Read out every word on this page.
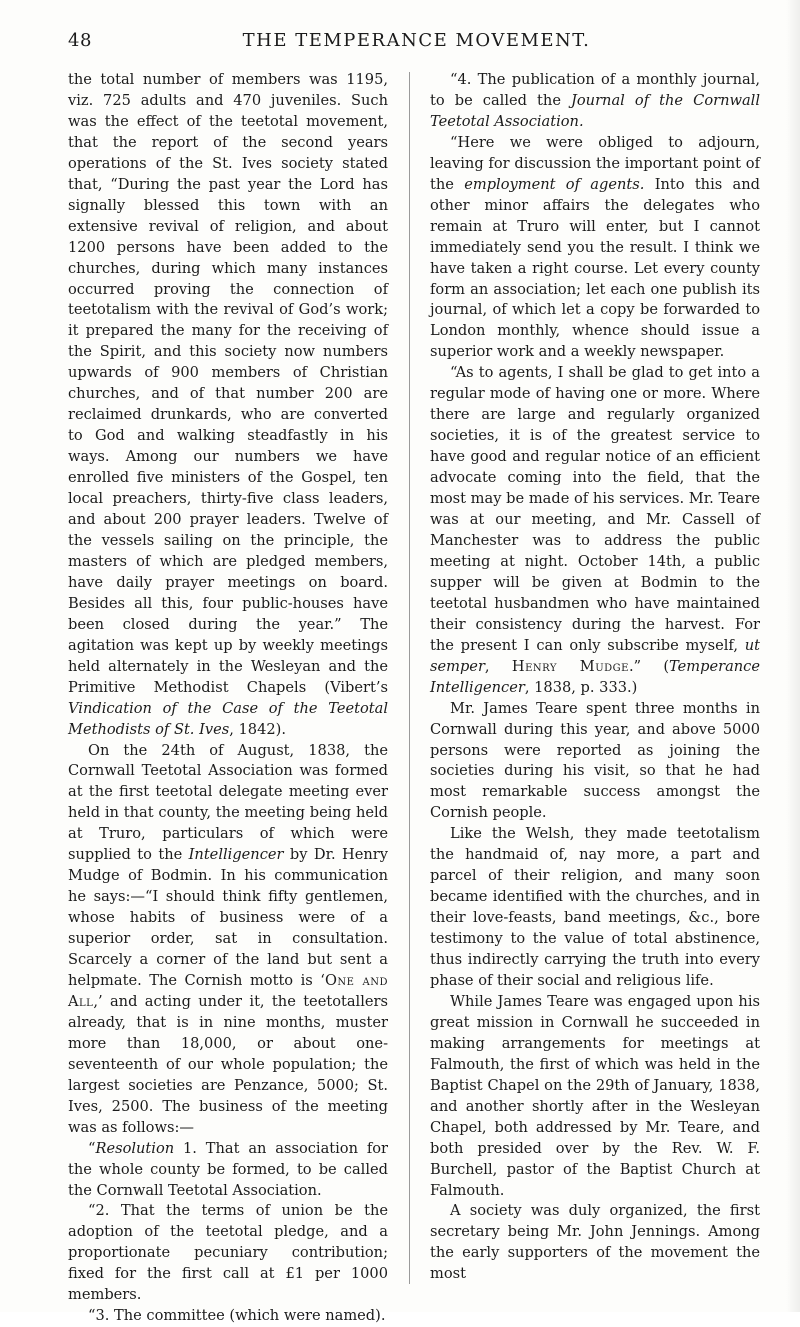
48	THE TEMPERANCE MOVEMENT.

the total number of members was 1195, viz. 725 adults and 470 juveniles. Such was the effect of the teetotal movement, that the report of the second years operations of the St. Ives society stated that, “During the past year the Lord has signally blessed this town with an extensive revival of religion, and about 1200 persons have been added to the churches, during which many instances occurred proving the connection of teetotalism with the revival of God’s work; it prepared the many for the receiving of the Spirit, and this society now numbers upwards of 900 members of Christian churches, and of that number 200 are reclaimed drunkards, who are converted to God and walking steadfastly in his ways. Among our numbers we have enrolled five ministers of the Gospel, ten local preachers, thirty-five class leaders, and about 200 prayer leaders. Twelve of the vessels sailing on the principle, the masters of which are pledged members, have daily prayer meetings on board. Besides all this, four public-houses have been closed during the year.” The agitation was kept up by weekly meetings held alternately in the Wesleyan and the Primitive Methodist Chapels (Vibert’s Vindication of the Case of the Teetotal Methodists of St. Ives, 1842).

On the 24th of August, 1838, the Cornwall Teetotal Association was formed at the first teetotal delegate meeting ever held in that county, the meeting being held at Truro, particulars of which were supplied to the Intelligencer by Dr. Henry Mudge of Bodmin. In his communication he says:—“I should think fifty gentlemen, whose habits of business were of a superior order, sat in consultation. Scarcely a corner of the land but sent a helpmate. The Cornish motto is ‘One and All,’ and acting under it, the teetotallers already, that is in nine months, muster more than 18,000, or about one-seventeenth of our whole population; the largest societies are Penzance, 5000; St. Ives, 2500. The business of the meeting was as follows:—

“Resolution 1. That an association for the whole county be formed, to be called the Cornwall Teetotal Association.

“2. That the terms of union be the adoption of the teetotal pledge, and a proportionate pecuniary contribution; fixed for the first call at £1 per 1000 members.

“3. The committee (which were named).

“4. The publication of a monthly journal, to be called the Journal of the Cornwall Teetotal Association.

“Here we were obliged to adjourn, leaving for discussion the important point of the employment of agents. Into this and other minor affairs the delegates who remain at Truro will enter, but I cannot immediately send you the result. I think we have taken a right course. Let every county form an association; let each one publish its journal, of which let a copy be forwarded to London monthly, whence should issue a superior work and a weekly newspaper.

“As to agents, I shall be glad to get into a regular mode of having one or more. Where there are large and regularly organized societies, it is of the greatest service to have good and regular notice of an efficient advocate coming into the field, that the most may be made of his services. Mr. Teare was at our meeting, and Mr. Cassell of Manchester was to address the public meeting at night. October 14th, a public supper will be given at Bodmin to the teetotal husbandmen who have maintained their consistency during the harvest. For the present I can only subscribe myself, ut semper, Henry Mudge.” (Temperance Intelligencer, 1838, p. 333.)

Mr. James Teare spent three months in Cornwall during this year, and above 5000 persons were reported as joining the societies during his visit, so that he had most remarkable success amongst the Cornish people.

Like the Welsh, they made teetotalism the handmaid of, nay more, a part and parcel of their religion, and many soon became identified with the churches, and in their love-feasts, band meetings, &c., bore testimony to the value of total abstinence, thus indirectly carrying the truth into every phase of their social and religious life.

While James Teare was engaged upon his great mission in Cornwall he succeeded in making arrangements for meetings at Falmouth, the first of which was held in the Baptist Chapel on the 29th of January, 1838, and another shortly after in the Wesleyan Chapel, both addressed by Mr. Teare, and both presided over by the Rev. W. F. Burchell, pastor of the Baptist Church at Falmouth.

A society was duly organized, the first secretary being Mr. John Jennings. Among the early supporters of the movement the most
